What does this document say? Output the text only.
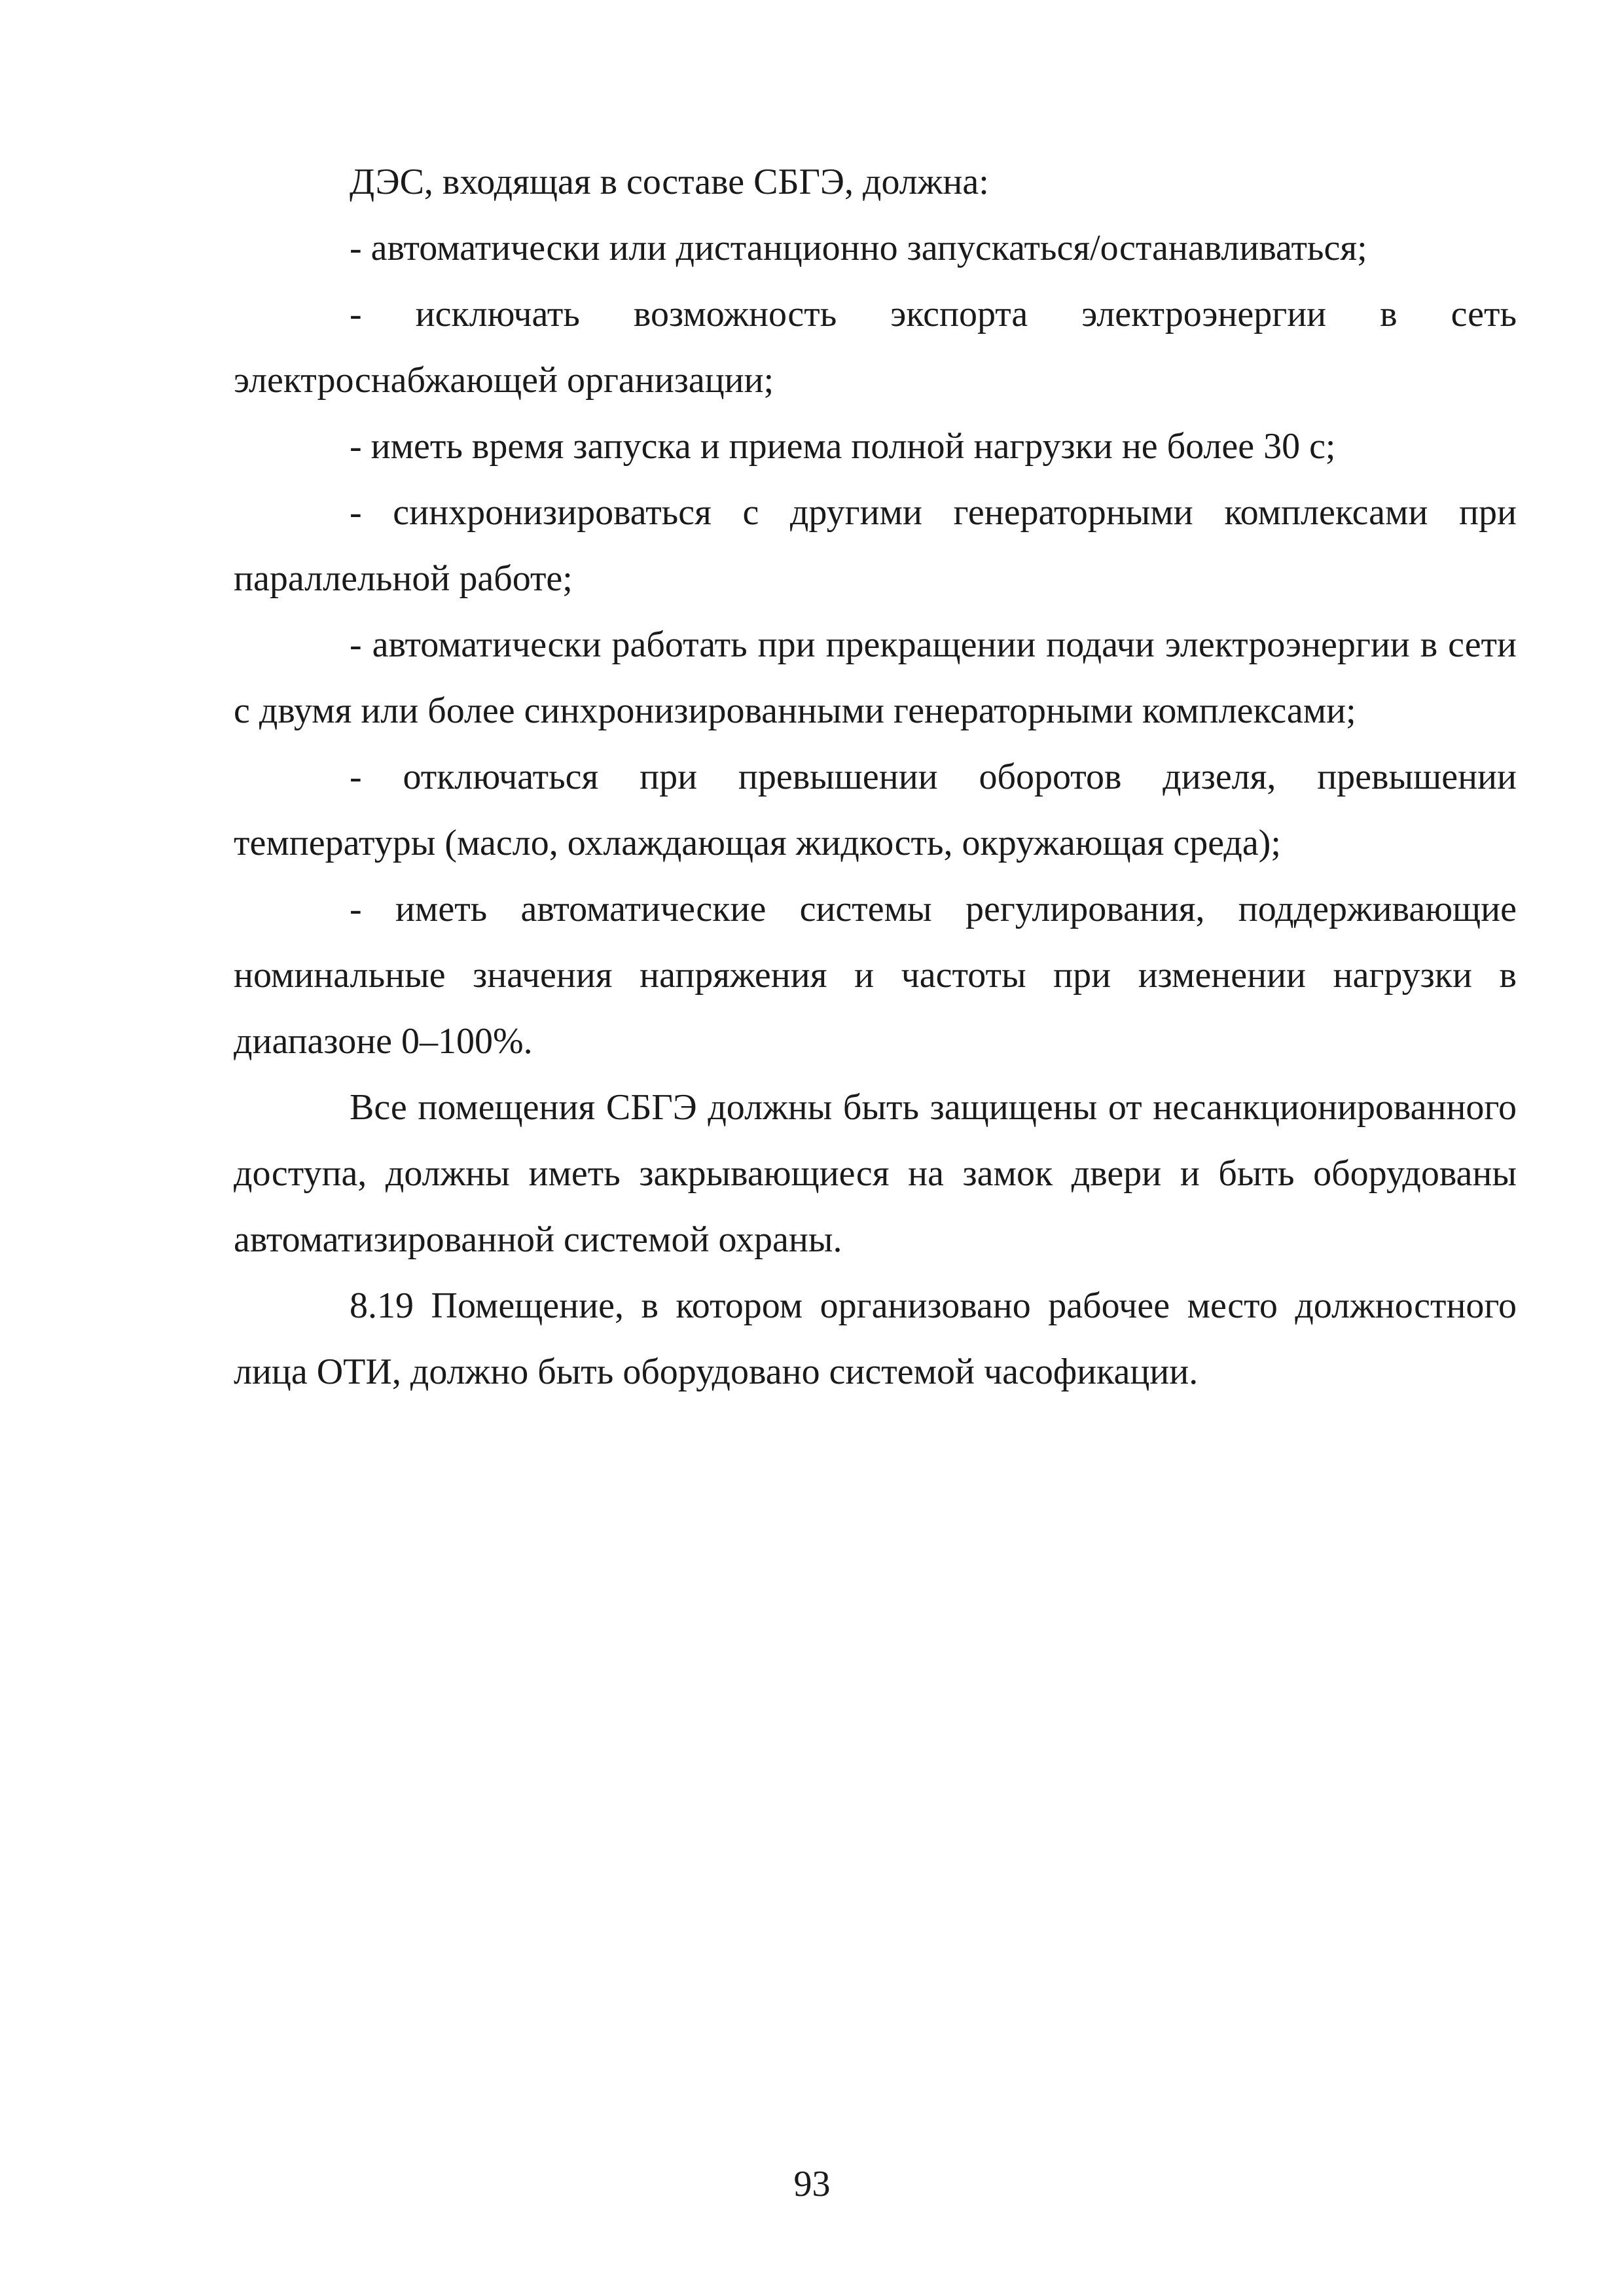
ДЭС, входящая в составе СБГЭ, должна:

- автоматически или дистанционно запускаться/останавливаться;

- исключать возможность экспорта электроэнергии в сеть электроснабжающей организации;

- иметь время запуска и приема полной нагрузки не более 30 с;

- синхронизироваться с другими генераторными комплексами при параллельной работе;

- автоматически работать при прекращении подачи электроэнергии в сети с двумя или более синхронизированными генераторными комплексами;

- отключаться при превышении оборотов дизеля, превышении температуры (масло, охлаждающая жидкость, окружающая среда);

- иметь автоматические системы регулирования, поддерживающие номинальные значения напряжения и частоты при изменении нагрузки в диапазоне 0–100%.

Все помещения СБГЭ должны быть защищены от несанкционированного доступа, должны иметь закрывающиеся на замок двери и быть оборудованы автоматизированной системой охраны.

8.19 Помещение, в котором организовано рабочее место должностного лица ОТИ, должно быть оборудовано системой часофикации.

93
